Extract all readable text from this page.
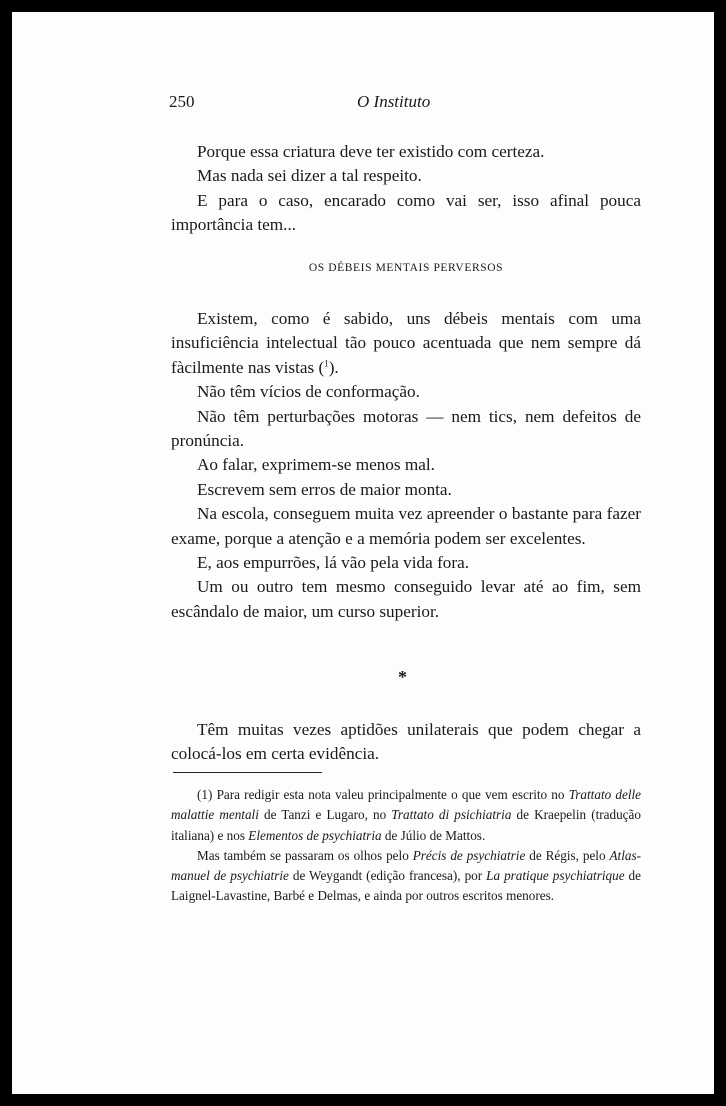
250	O Instituto

Porque essa criatura deve ter existido com certeza.

Mas nada sei dizer a tal respeito.

E para o caso, encarado como vai ser, isso afinal pouca importância tem...

OS DÉBEIS MENTAIS PERVERSOS

Existem, como é sabido, uns débeis mentais com uma insuficiência intelectual tão pouco acentuada que nem sempre dá fàcilmente nas vistas ($^1$).

Não têm vícios de conformação.

Não têm perturbações motoras — nem tics, nem defeitos de pronúncia.

Ao falar, exprimem-se menos mal.

Escrevem sem erros de maior monta.

Na escola, conseguem muita vez apreender o bastante para fazer exame, porque a atenção e a memória podem ser excelentes.

E, aos empurrões, lá vão pela vida fora.

Um ou outro tem mesmo conseguido levar até ao fim, sem escândalo de maior, um curso superior.

*

Têm muitas vezes aptidões unilaterais que podem chegar a colocá-los em certa evidência.

(1) Para redigir esta nota valeu principalmente o que vem escrito no Trattato delle malattie mentali de Tanzi e Lugaro, no Trattato di psichiatria de Kraepelin (tradução italiana) e nos Elementos de psychiatria de Júlio de Mattos.

Mas também se passaram os olhos pelo Précis de psychiatrie de Régis, pelo Atlas-manuel de psychiatrie de Weygandt (edição francesa), por La pratique psychiatrique de Laignel-Lavastine, Barbé e Delmas, e ainda por outros escritos menores.
